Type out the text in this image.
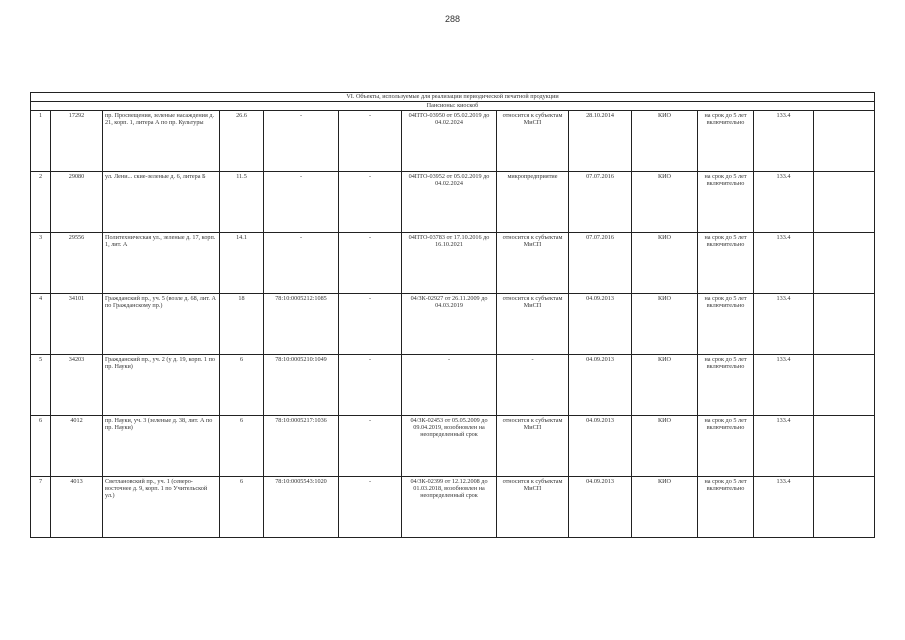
288
VI. Объекты, используемые для реализации периодической печатной продукции												
Пансионы: киоскоб												
1	17292	пр. Просвещения, зеленые насаждения д. 21, корп. 1, литера А по пр. Культуры	26.6	-	-	04ПТО-03950 от 05.02.2019 до 04.02.2024	относится к субъектам МиСП	28.10.2014	КИО	на срок до 5 лет включительно	133.4	
2	29080	ул. Лени... ские-зеленые д. 6, литера Б	11.5	-	-	04ПТО-03952 от 05.02.2019 до 04.02.2024	микропредприятие	07.07.2016	КИО	на срок до 5 лет включительно	133.4	
3	29556	Политехническая ул., зеленые д. 17, корп. 1, лит. А	14.1	-	-	04ПТО-03783 от 17.10.2016 до 16.10.2021	относится к субъектам МиСП	07.07.2016	КИО	на срок до 5 лет включительно	133.4	
4	34101	Гражданский пр., уч. 5 (возле д. 68, лит. А по Гражданскому пр.)	18	78:10:0005212:1085	-	04/ЗК-02927 от 26.11.2009 до 04.03.2019	относится к субъектам МиСП	04.09.2013	КИО	на срок до 5 лет включительно	133.4	
5	34203	Гражданский пр., уч. 2 (у д. 19, корп. 1 по пр. Науки)	6	78:10:0005210:1049	-	-	-	04.09.2013	КИО	на срок до 5 лет включительно	133.4	
6	4012	пр. Науки, уч. 3 (зеленые д. 38, лит. А по пр. Науки)	6	78:10:0005217:1036	-	04/ЗК-02453 от 05.05.2009 до 09.04.2019, возобновлен на неопределенный срок	относится к субъектам МиСП	04.09.2013	КИО	на срок до 5 лет включительно	133.4	
7	4013	Светлановский пр., уч. 1 (северо-восточнее д. 9, корп. 1 по Учительской ул.)	6	78:10:0005543:1020	-	04/ЗК-02399 от 12.12.2008 до 01.03.2018, возобновлен на неопределенный срок	относится к субъектам МиСП	04.09.2013	КИО	на срок до 5 лет включительно	133.4	
